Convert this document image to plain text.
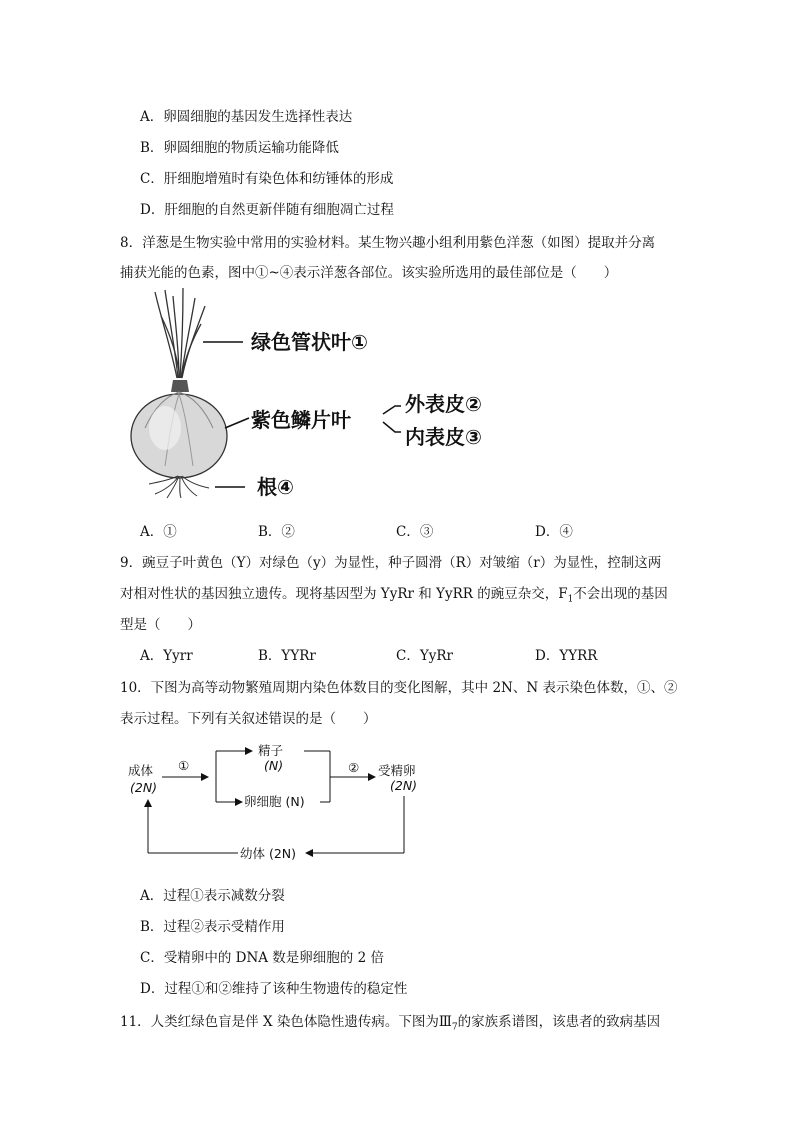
A．卵圆细胞的基因发生选择性表达
B．卵圆细胞的物质运输功能降低
C．肝细胞增殖时有染色体和纺锤体的形成
D．肝细胞的自然更新伴随有细胞凋亡过程
8．洋葱是生物实验中常用的实验材料。某生物兴趣小组利用紫色洋葱（如图）提取并分离
捕获光能的色素，图中①~④表示洋葱各部位。该实验所选用的最佳部位是（　　）
绿色管状叶①
紫色鳞片叶
外表皮②
内表皮③
根④
A．①	B．②	C．③	D．④
9．豌豆子叶黄色（Y）对绿色（y）为显性，种子圆滑（R）对皱缩（r）为显性，控制这两
对相对性状的基因独立遗传。现将基因型为 YyRr 和 YyRR 的豌豆杂交，$F_1$不会出现的基因
型是（　　）
A．Yyrr	B．YYRr	C．YyRr	D．YYRR
10．下图为高等动物繁殖周期内染色体数目的变化图解，其中 2N、N 表示染色体数，①、②
表示过程。下列有关叙述错误的是（　　）
成体
(2N)
①
精子
(N)
卵细胞 (N)
② 受精卵
(2N)
幼体 (2N)
A．过程①表示减数分裂
B．过程②表示受精作用
C．受精卵中的 DNA 数是卵细胞的 2 倍
D．过程①和②维持了该种生物遗传的稳定性
11．人类红绿色盲是伴 X 染色体隐性遗传病。下图为$Ⅲ_7$的家族系谱图，该患者的致病基因
